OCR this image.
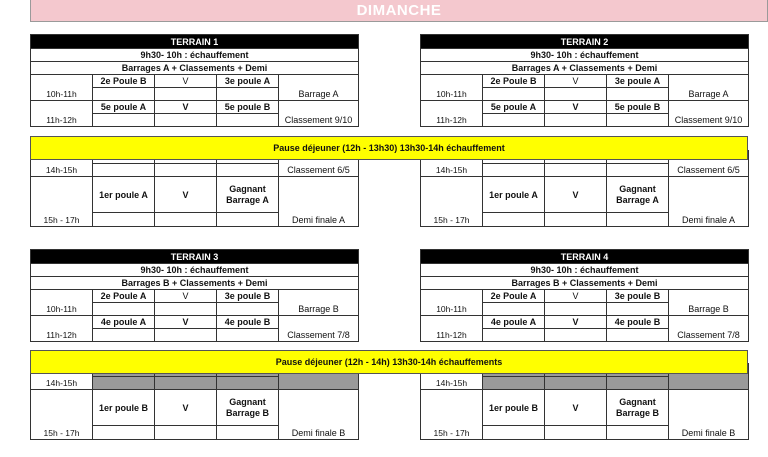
DIMANCHE
TERRAIN 1				
9h30- 10h : échauffement				
Barrages A + Classements + Demi				
10h-11h	2e Poule B	V	3e poule A	Barrage A

11h-12h	5e poule A	V	5e poule B	Classement 9/10

14h-15h				Classement 6/5

15h - 17h	1er poule A	V	Gagnant
Barrage A	Demi finale A

TERRAIN 2				
9h30- 10h : échauffement				
Barrages A + Classements + Demi				
10h-11h	2e Poule B	V	3e poule A	Barrage A

11h-12h	5e poule A	V	5e poule B	Classement 9/10

14h-15h				Classement 6/5

15h - 17h	1er poule A	V	Gagnant
Barrage A	Demi finale A

Pause déjeuner (12h - 13h30) 13h30-14h échauffement
TERRAIN 3				
9h30- 10h : échauffement				
Barrages B + Classements + Demi				
10h-11h	2e Poule A	V	3e poule B	Barrage B

11h-12h	4e poule A	V	4e poule B	Classement 7/8

14h-15h				

15h - 17h	1er poule B	V	Gagnant
Barrage B	Demi finale B

TERRAIN 4				
9h30- 10h : échauffement				
Barrages B + Classements + Demi				
10h-11h	2e Poule A	V	3e poule B	Barrage B

11h-12h	4e poule A	V	4e poule B	Classement 7/8

14h-15h				

15h - 17h	1er poule B	V	Gagnant
Barrage B	Demi finale B

Pause déjeuner (12h - 14h) 13h30-14h échauffements
